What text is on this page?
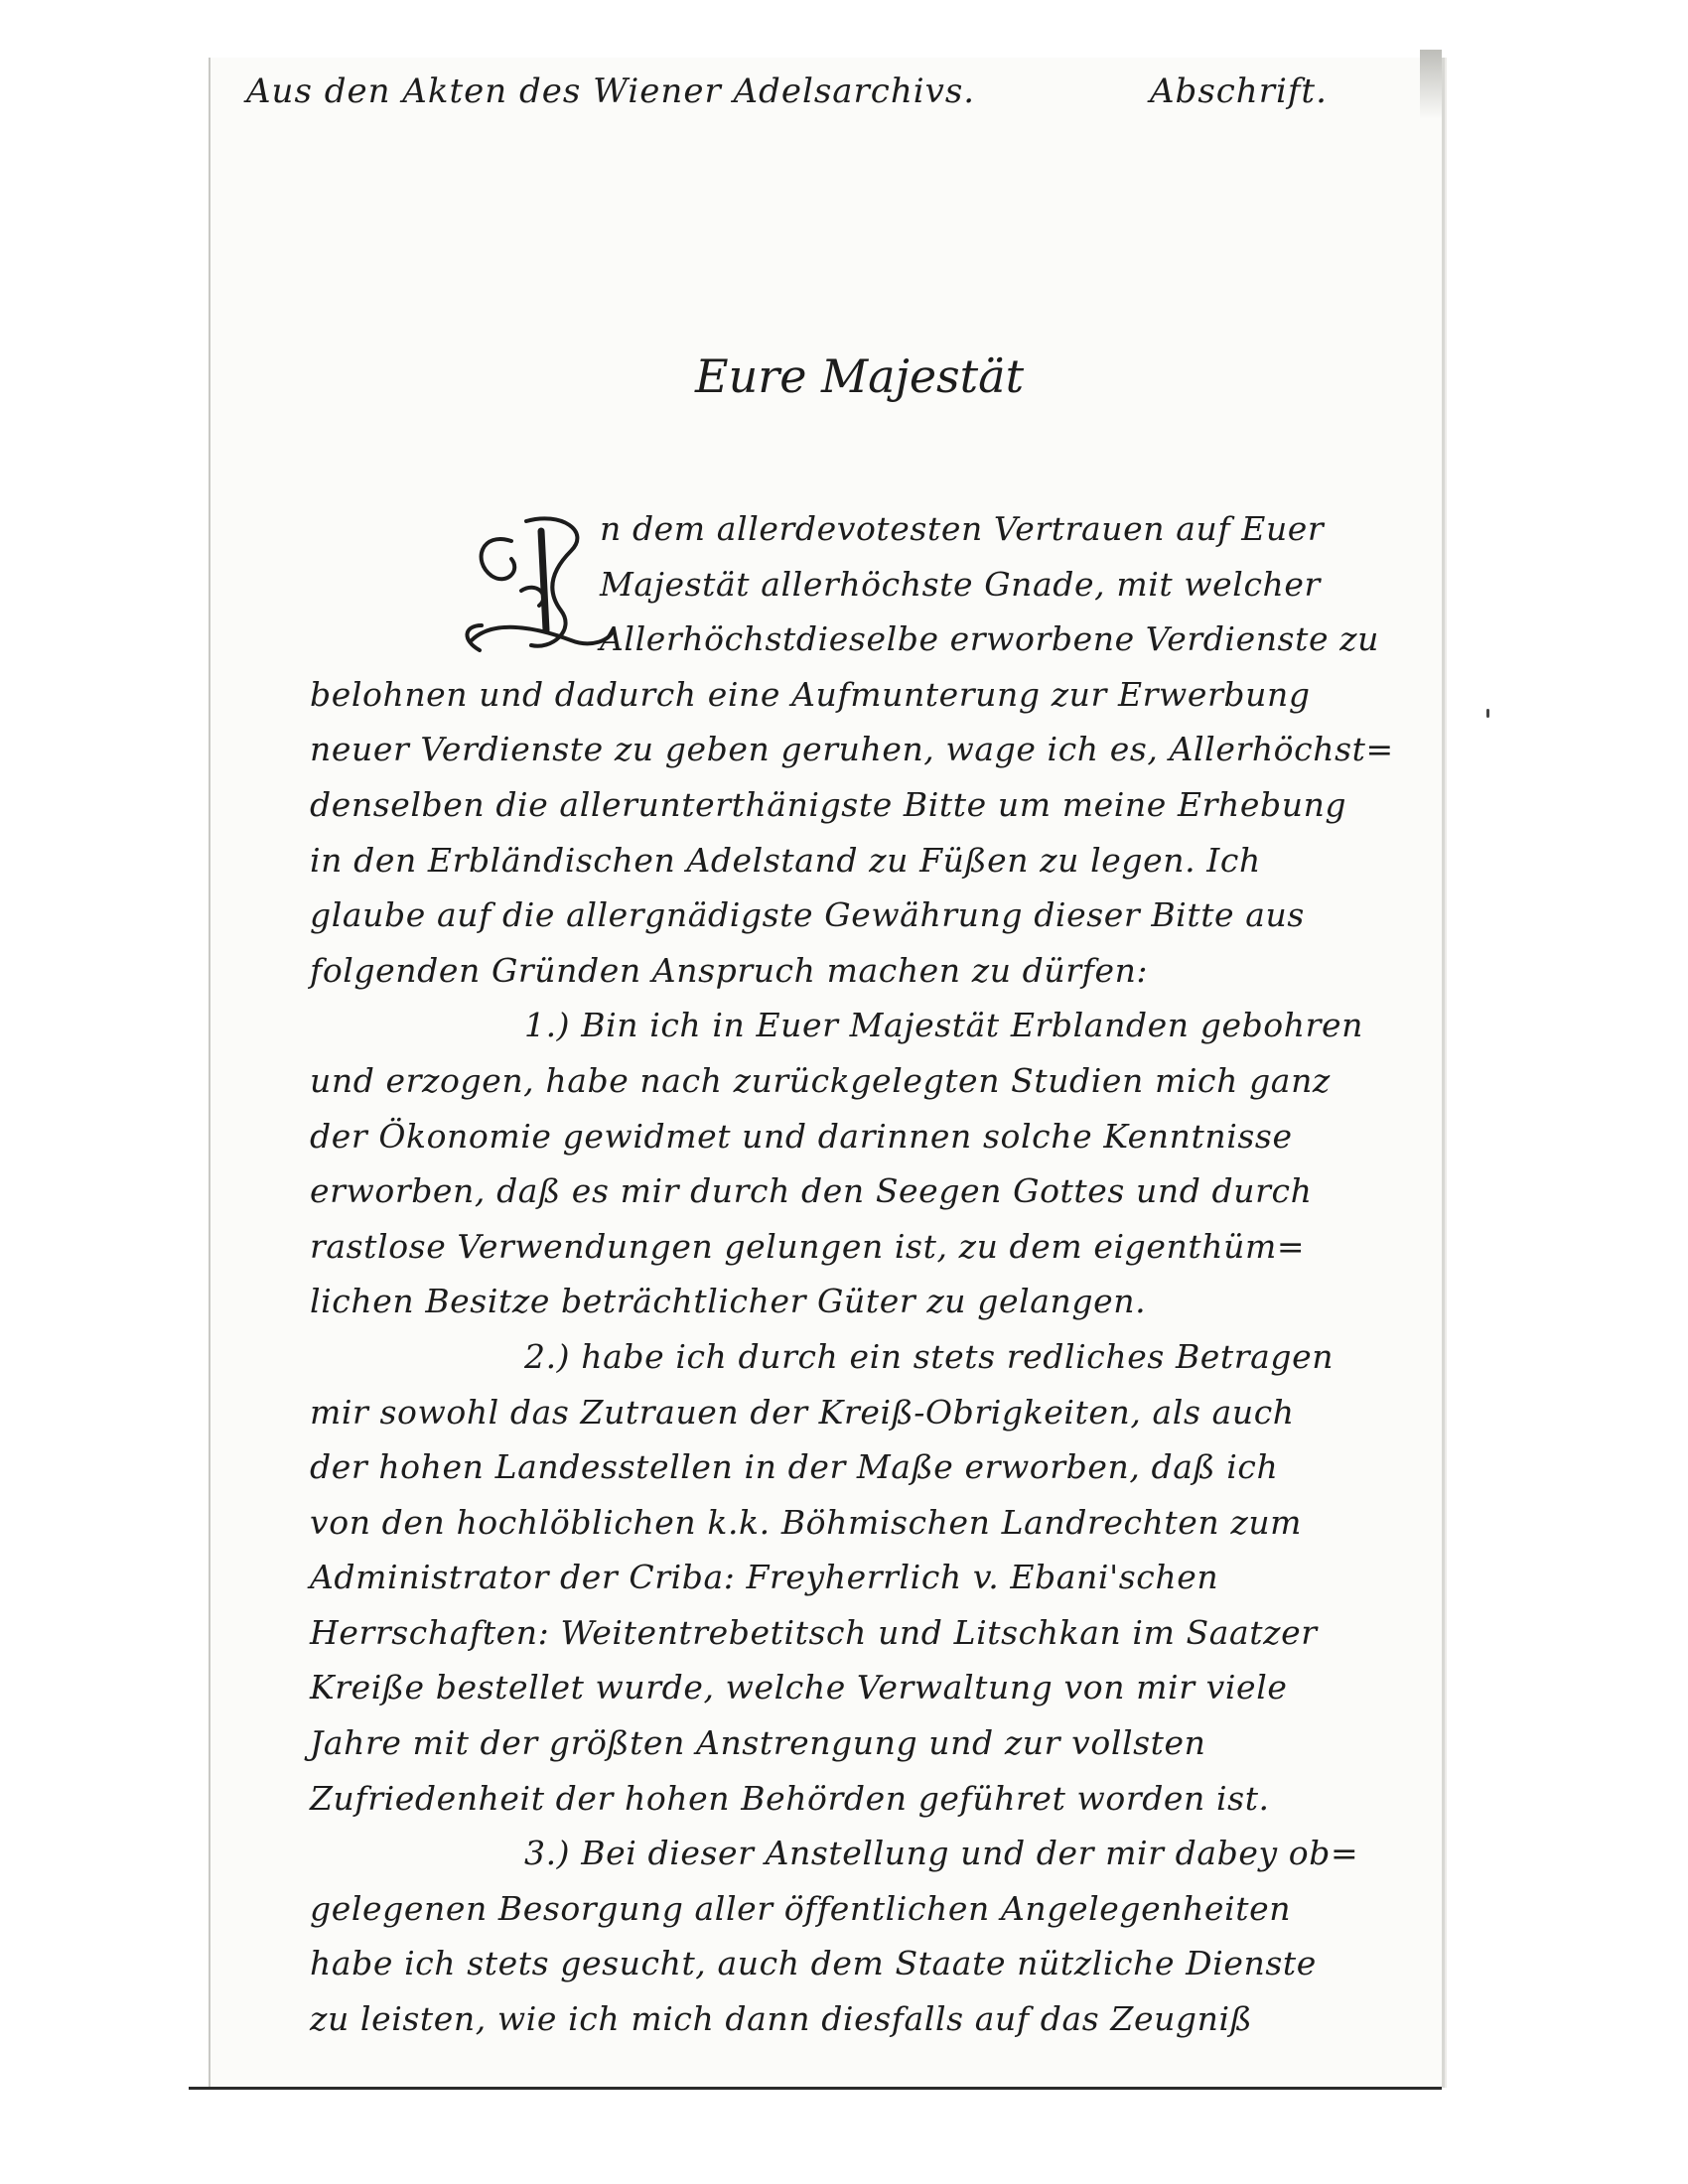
Aus den Akten des Wiener Adelsarchivs.	Abschrift.
Eure Majestät
n dem allerdevotesten Vertrauen auf Euer
Majestät allerhöchste Gnade, mit welcher
Allerhöchstdieselbe erworbene Verdienste zu
belohnen und dadurch eine Aufmunterung zur Erwerbung
neuer Verdienste zu geben geruhen, wage ich es, Allerhöchst=
denselben die allerunterthänigste Bitte um meine Erhebung
in den Erbländischen Adelstand zu Füßen zu legen. Ich
glaube auf die allergnädigste Gewährung dieser Bitte aus
folgenden Gründen Anspruch machen zu dürfen:
1.) Bin ich in Euer Majestät Erblanden gebohren
und erzogen, habe nach zurückgelegten Studien mich ganz
der Ökonomie gewidmet und darinnen solche Kenntnisse
erworben, daß es mir durch den Seegen Gottes und durch
rastlose Verwendungen gelungen ist, zu dem eigenthüm=
lichen Besitze beträchtlicher Güter zu gelangen.
2.) habe ich durch ein stets redliches Betragen
mir sowohl das Zutrauen der Kreiß-Obrigkeiten, als auch
der hohen Landesstellen in der Maße erworben, daß ich
von den hochlöblichen k.k. Böhmischen Landrechten zum
Administrator der Criba: Freyherrlich v. Ebani'schen
Herrschaften: Weitentrebetitsch und Litschkan im Saatzer
Kreiße bestellet wurde, welche Verwaltung von mir viele
Jahre mit der größten Anstrengung und zur vollsten
Zufriedenheit der hohen Behörden geführet worden ist.
3.) Bei dieser Anstellung und der mir dabey ob=
gelegenen Besorgung aller öffentlichen Angelegenheiten
habe ich stets gesucht, auch dem Staate nützliche Dienste
zu leisten, wie ich mich dann diesfalls auf das Zeugniß
